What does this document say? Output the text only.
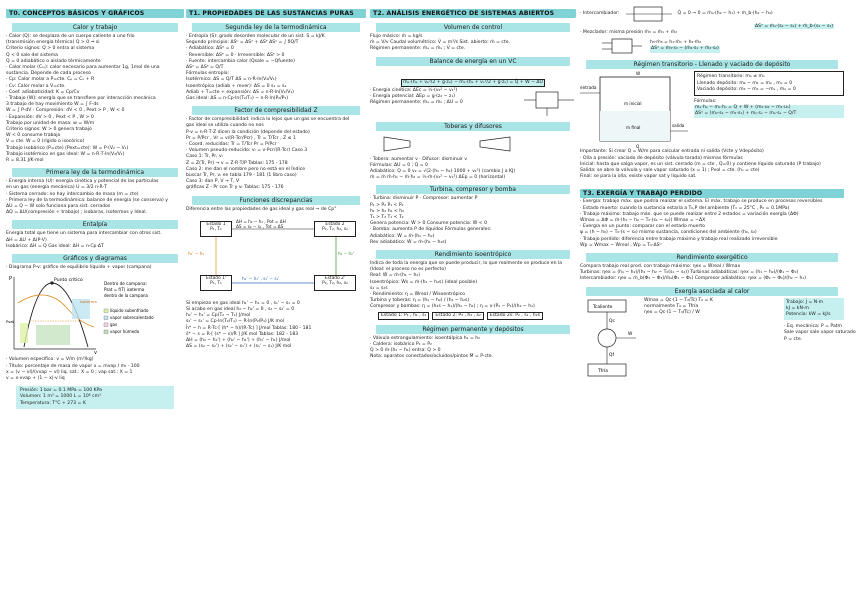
T0. CONCEPTOS BÁSICOS Y GRÁFICOS
Calor y trabajo
· Calor (Q): se desplaza de un cuerpo caliente a uno frío
(transmisión energía térmica) Q > 0 ⇒ si
Criterio signos: Q > 0 entra al sistema
Q < 0 sale del sistema
Q = 0 adiabático o aislado térmicamente
· Calor molar (Cₘ): calor necesario para aumentar 1g, 1mol de una
sustancia. Depende de cada proceso
· Cp: Calor molar a P=cte. Cₚ = Cᵥ + R
· Cv: Calor molar a V=cte.
· Coef. adiabaticidad: K = Cp/Cv
· Trabajo (W): energía que se transfiere por interacción mecánica
3 trabajo de hay movimiento W = ∫ F·ds
W = ∫ P·dV · Compresión: dV < 0 , Pext > P , W < 0
· Expansión: dV > 0 , Pext < P , W > 0
Trabajo por unidad de masa: w = W/m
Criterio signos: W > 0 genera trabajo
W < 0 consume trabajo
V = cte. W = 0 (rígido o isocórico)
Trabajo isobárico (P=cte) (Pext=cte): W = P·(V₂ − V₁)
Trabajo isotérmico en gas ideal: W = n·R·T·ln(V₂/V₁)
R = 8.31 J/K·mol
Primera ley de la termodinámica
· Energía interna (U): energía cinética y potencial de las partículas
en un gas (energía mecánica) U = 3/2 n·R·T
· Sistema cerrado: no hay intercambio de masa (m = cte)
· Primera ley de la termodinámica: balance de energía (se conserva) y
ΔU = Q − W solo funciona para sist. cerrados
ΔQ = ΔU(compresión + trabajo) ; isobaras, isotermos y Ideal.
Entalpía
Energía total que tiene un sistema para intercambiar con otros sist.
ΔH = ΔU + Δ(P·V)
Isobárico: ΔH = Q Gas ideal: ΔH = n·Cp·ΔT
Gráficos y diagramas
· Diagrama P-v: gráfico de equilibrio líquido + vapor (campana)
Punto crítico
isoterma
P
v
Psat
Dentro de campana:
Psat = f(T) isoterma
dentro de la campana
líquido subenfriado
vapor sobrecalentado
gas
vapor húmedo
· Volumen específico: v = V/m (m³/kg)
· Título: porcentaje de masa de vapor x = mvap / mₜ · 100
x = (v − vl)/(vvap − vl) liq. sat.: X = 0 ; vap sat.: X = 1
v = x·vvap + (1 − x)·v liq
Presión: 1 bar = 0.1 MPa = 100 KPa
Volumen: 1 m³ = 1000 L = 10⁶ cm³
Temperatura: T°C + 273 = K
T1. PROPIEDADES DE LAS SUSTANCIAS PURAS
Segunda ley de la termodinámica
· Entropía (S): grado desorden molecular de un sist. S = kJ/K
Segundo principio: ΔSᵘ = ΔSˢ + ΔSᵉ ΔSᵘ = ∫ δQ/T
· Adiabático: ΔSᵉ = 0
· Reversible: ΔSᵉ = 0 · Irreversible: ΔSᵉ > 0
· Fuente: intercambia calor (Qsale = −Qfuente)
ΔSᵘ = ΔSᵉ = Q/T
Fórmulas entropía:
Isotérmico: ΔS = Q/T ΔS = n·R·ln(V₂/V₁)
Isoentrópico (adiab + rever): ΔS = 0 s₁ = s₂
Adiab + T=cte + expansión: ΔS = n·R·ln(V₂/V₁)
Gas ideal: ΔS = n·Cp·ln(T₂/T₁) − n·R·ln(P₂/P₁)
Factor de compresibilidad Z
· Factor de compresibilidad: indica lo lejos que un gas se encuentra del
gas ideal se utiliza cuando no nos
P·v = n·R·T·Z dicen la condición (depende del estado)
Pr = P/Pcr , Vr = v/(R·Tcr/Pcr) , Tr = T/Tcr , Z ≤ 1
· Coord. reducidas: Tr = T/Tcr Pr = P/Pcr
· Volumen pseudo-reducido: vᵣ = v·Pcr/(R·Tcr) Caso 3
Caso 1: Tr, Pr, vᵣ
Z = Z(Tr, Pr) → v = Z·R·T/P Tablas: 175 - 178
Caso 2: me dan el nombre pero no está en el Índice
buscar Tr, Pr, vᵣ en tabla 179 - 181 (1 libro caso)
Caso 3: dan P, V → T, V
gráficas Z - Pr con Tr y vᵣ Tablas: 175 - 176
Funciones discrepancias
Diferencia entre las propiedades de gas ideal y gas real → de Cp°
Estado 1
P₁, T₁
Estado 2
P₂, T₂, h₂, s₂
Estado 1'
P₁, T₁
Estado 2'
P₂, T₂, h₂, s₂
ΔH = h₂ − h₁ , Pot = ΔH
ΔS = s₂ − s₁ , Tot = ΔS
h₁' − h₁	h₂ − h₂'
h₂' − h₁' , s₂' − s₁'
Si empiezo en gas ideal h₁' − h₁ = 0 , s₁' − s₁ = 0
Si acabo en gas ideal h₂ − h₂' = 0 , s₂ − s₂' = 0
h₂' − h₁' = Cp(T₂ − T₁) J/mol
s₂' − s₁' = Cp·ln(T₂/T₁) − R·ln(P₂/P₁) J/K mol
h̄* − h = R·Tc·[ (h* − h)/(R·Tc) ] J/mol Tablas: 180 - 181
s̄* − s = R·[ (s* − s)/R ] J/K mol Tablas: 182 - 183
ΔH = (h₂ − h₂') + (h₂' − h₁') + (h₁' − h₁) J/mol
ΔS = (s₂ − s₂') + (s₂' − s₁') + (s₁' − s₁) J/K mol
T2. ANÁLISIS ENERGÉTICO DE SISTEMAS ABIERTOS
Volumen de control
Flujo másico: ṁ = kg/s
ṁ = V/v Caudal volumétrico: V̇ = m³/s Sist. abierto: ṁ = cte.
Régimen permanente: ṁₑ = ṁₛ ; V̇ = cte.
Balance de energía en un VC
ṁₑ·(hₑ + vₑ²/2 + g·zₑ) − ṁₛ·(hₛ + vₛ²/2 + g·zₛ) = Q̇ + Ẇ − ΔÜ
· Energía cinética: ΔEc = ½·(v₂² − v₁²)
· Energía potencial: ΔEp = g·(z₂ − z₁)
Régimen permanente: ṁₑ = ṁₛ ; ΔU = 0
Toberas y difusores
· Tobera: aumentar v · Difusor: disminuir v
Fórmulas: ΔU = 0 ; Q = 0
Adiabático: Q = 0 v₂ = √(2·(h₁ − h₂)·1000 + v₁²) (cambio J a KJ)
ṁ = ṁ ṁ·h₁ − ṁ·h₂ = ½·ṁ·(v₂² − v₁²) ΔEp = 0 (horizontal)
Turbina, compresor y bomba
· Turbina: disminuir P · Compresor: aumentar P
P₁ > P₂ P₁ < P₂
h₁ > h₂ h₁ < h₂
T₁ > T₂ T₁ < T₂
Genera potencia: Ẇ > 0 Consume potencia: Ẇ < 0
· Bomba: aumenta P de líquidos Fórmulas generales:
Adiabático: Ẇ = ṁ·(h₁ − h₂)
Rev adiabático: Ẇ = ṁ·(h₁ − h₂s)
Rendimiento isoentrópico
Indica de toda la energía que se puede producir, lo que realmente se produce en la
(Ideal: el proceso no es perfecto)
Real: Ẇ = ṁ·(h₁ − h₂)
Isoentrópico: Ẇs = ṁ·(h₁ − h₂s) (ideal posible)
s₁ = s₂s
· Rendimiento: η = Ẇreal / Ẇisoentrópico
Turbina y toberas: η = (h₁ − h₂) / (h₁ − h₂s)
Compresor y bombas: η = (h₂s − h₁)/(h₂ − h₁) ; η = v·(P₂ − P₁)/(h₂ − h₁)
Estado 1: P₁ , h₁ , s₁	Estado 2: P₂ , h₂ , s₂	Estado 2s: P₂ , s₁ , h₂s
Régimen permanente y depósitos
· Válvula estrangulamiento: isoentálpica h₁ = h₂
· Caldera: isobárico P₁ = P₂
Q > 0 ṁ·(h₂ − h₁) entra: Q > 0
Nota: aparatos conectados/ocluidos/pintos Ṁ = P·cte.
· Intercambiador:	Q̇ = 0 → 0 = ṁₐ·(h₂ − h₁) + ṁ_b·(h₄ − h₃)
ΔSᵘ = ṁₐ·(s₂ − s₁) + ṁ_b·(s₄ − s₃)
· Mezclador: misma presión ṁ₃ = ṁ₁ + ṁ₂
h₃·ṁ₃ = h₁·ṁ₁ + h₂·ṁ₂
ΔSᵘ = ṁ₃·s₃ − (ṁ₁·s₁ + ṁ₂·s₂)
Régimen transitorio - Llenado y vaciado de depósito
entrada
salida
m inicial
m final
W
Q
Régimen transitorio: mₑ ≠ mₛ
Llenado depósito: m₂ − m₁ = mₑ , mₛ = 0
Vaciado depósito: m₂ − m₁ = −mₛ , mₑ = 0
Fórmulas:
mₑ·hₑ − mₛ·hₛ = Q + W + (m₂·u₂ − m₁·u₁)
ΔSᵘ = (m₂·s₂ − m₁·s₁) + mₛ·sₛ − mₑ·sₑ − Q/T
Importante: Si crear Q = W/m para calcular entrada ni salida (Vcte y Vdepósito)
· Olla a presión: vaciado de depósito (válvula tarada) mismas fórmulas
Inicial: hasta que salga vapor, es un sist. cerrado (m = cte , Q=0) y contiene líquido saturado (P trabajo)
Salida: se abre la válvula y sale vapor saturado (x = 1) ; Pvol = cte. (hₛ = cte)
Final: se para la olla, existe vapor sat y líquido sat.
T3. EXERGÍA Y TRABAJO PERDIDO
· Exergía: trabajo máx. que podría realizar el sistema. El máx. trabajo se produce en procesos reversibles
· Estado muerto: cuando la sustancia estaría a T₀,P del ambiente (T₀ = 25°C , P₀ = 0.1MPa)
· Trabajo máximo: trabajo máx. que se puede realizar entre 2 estados = variación exergía (ΔΦ)
Ẇmax = ΔΦ = ṁ·(h₁ − h₂ − T₀·(s₁ − s₂)) Ẇmax = −ΔX
· Exergía en un punto: comparar con el estado muerto
ψ = (h − h₀) − T₀·(s − s₀) mismo sustancia, condiciones del ambiente (h₀, s₀)
· Trabajo perdido: diferencia entre trabajo máximo y trabajo real realizado irreversible
Ẇp = Ẇmax − Ẇreal , Ẇp = T₀·ΔSᵘ
Rendimiento exergético
Compara trabajo real prod. con trabajo máximo: ηex = Ẇreal / Ẇmax
Turbinas: ηex = (h₁ − h₂)/(h₁ − h₂ − T₀(s₁ − s₂)) Turbinas adiabáticas: ηex = (h₁ − h₂)/(Φ₁ − Φ₂)
Intercambiador: ηex = ṁ_b(Φ₄ − Φ₃)/ṁₐ(Φ₁ − Φ₂) Compresor adiabático: ηex = (Φ₂ − Φ₁)/(h₂ − h₁)
Exergía asociada al calor
Tcaliente
Qc
W
Qf
Tfría
Ẇmax = Qc·(1 − T₀/Tc) T₀ = K
normalmente T₀ = Tfría
ηex = Qc·(1 − T₀/Tc) / W
Trabajo: J = N·m
kJ = kN·m
Potencia: kW = kJ/s
· Eq. mecánica: P = Patm
Sale vapor sale vapor saturado
P = cte.
